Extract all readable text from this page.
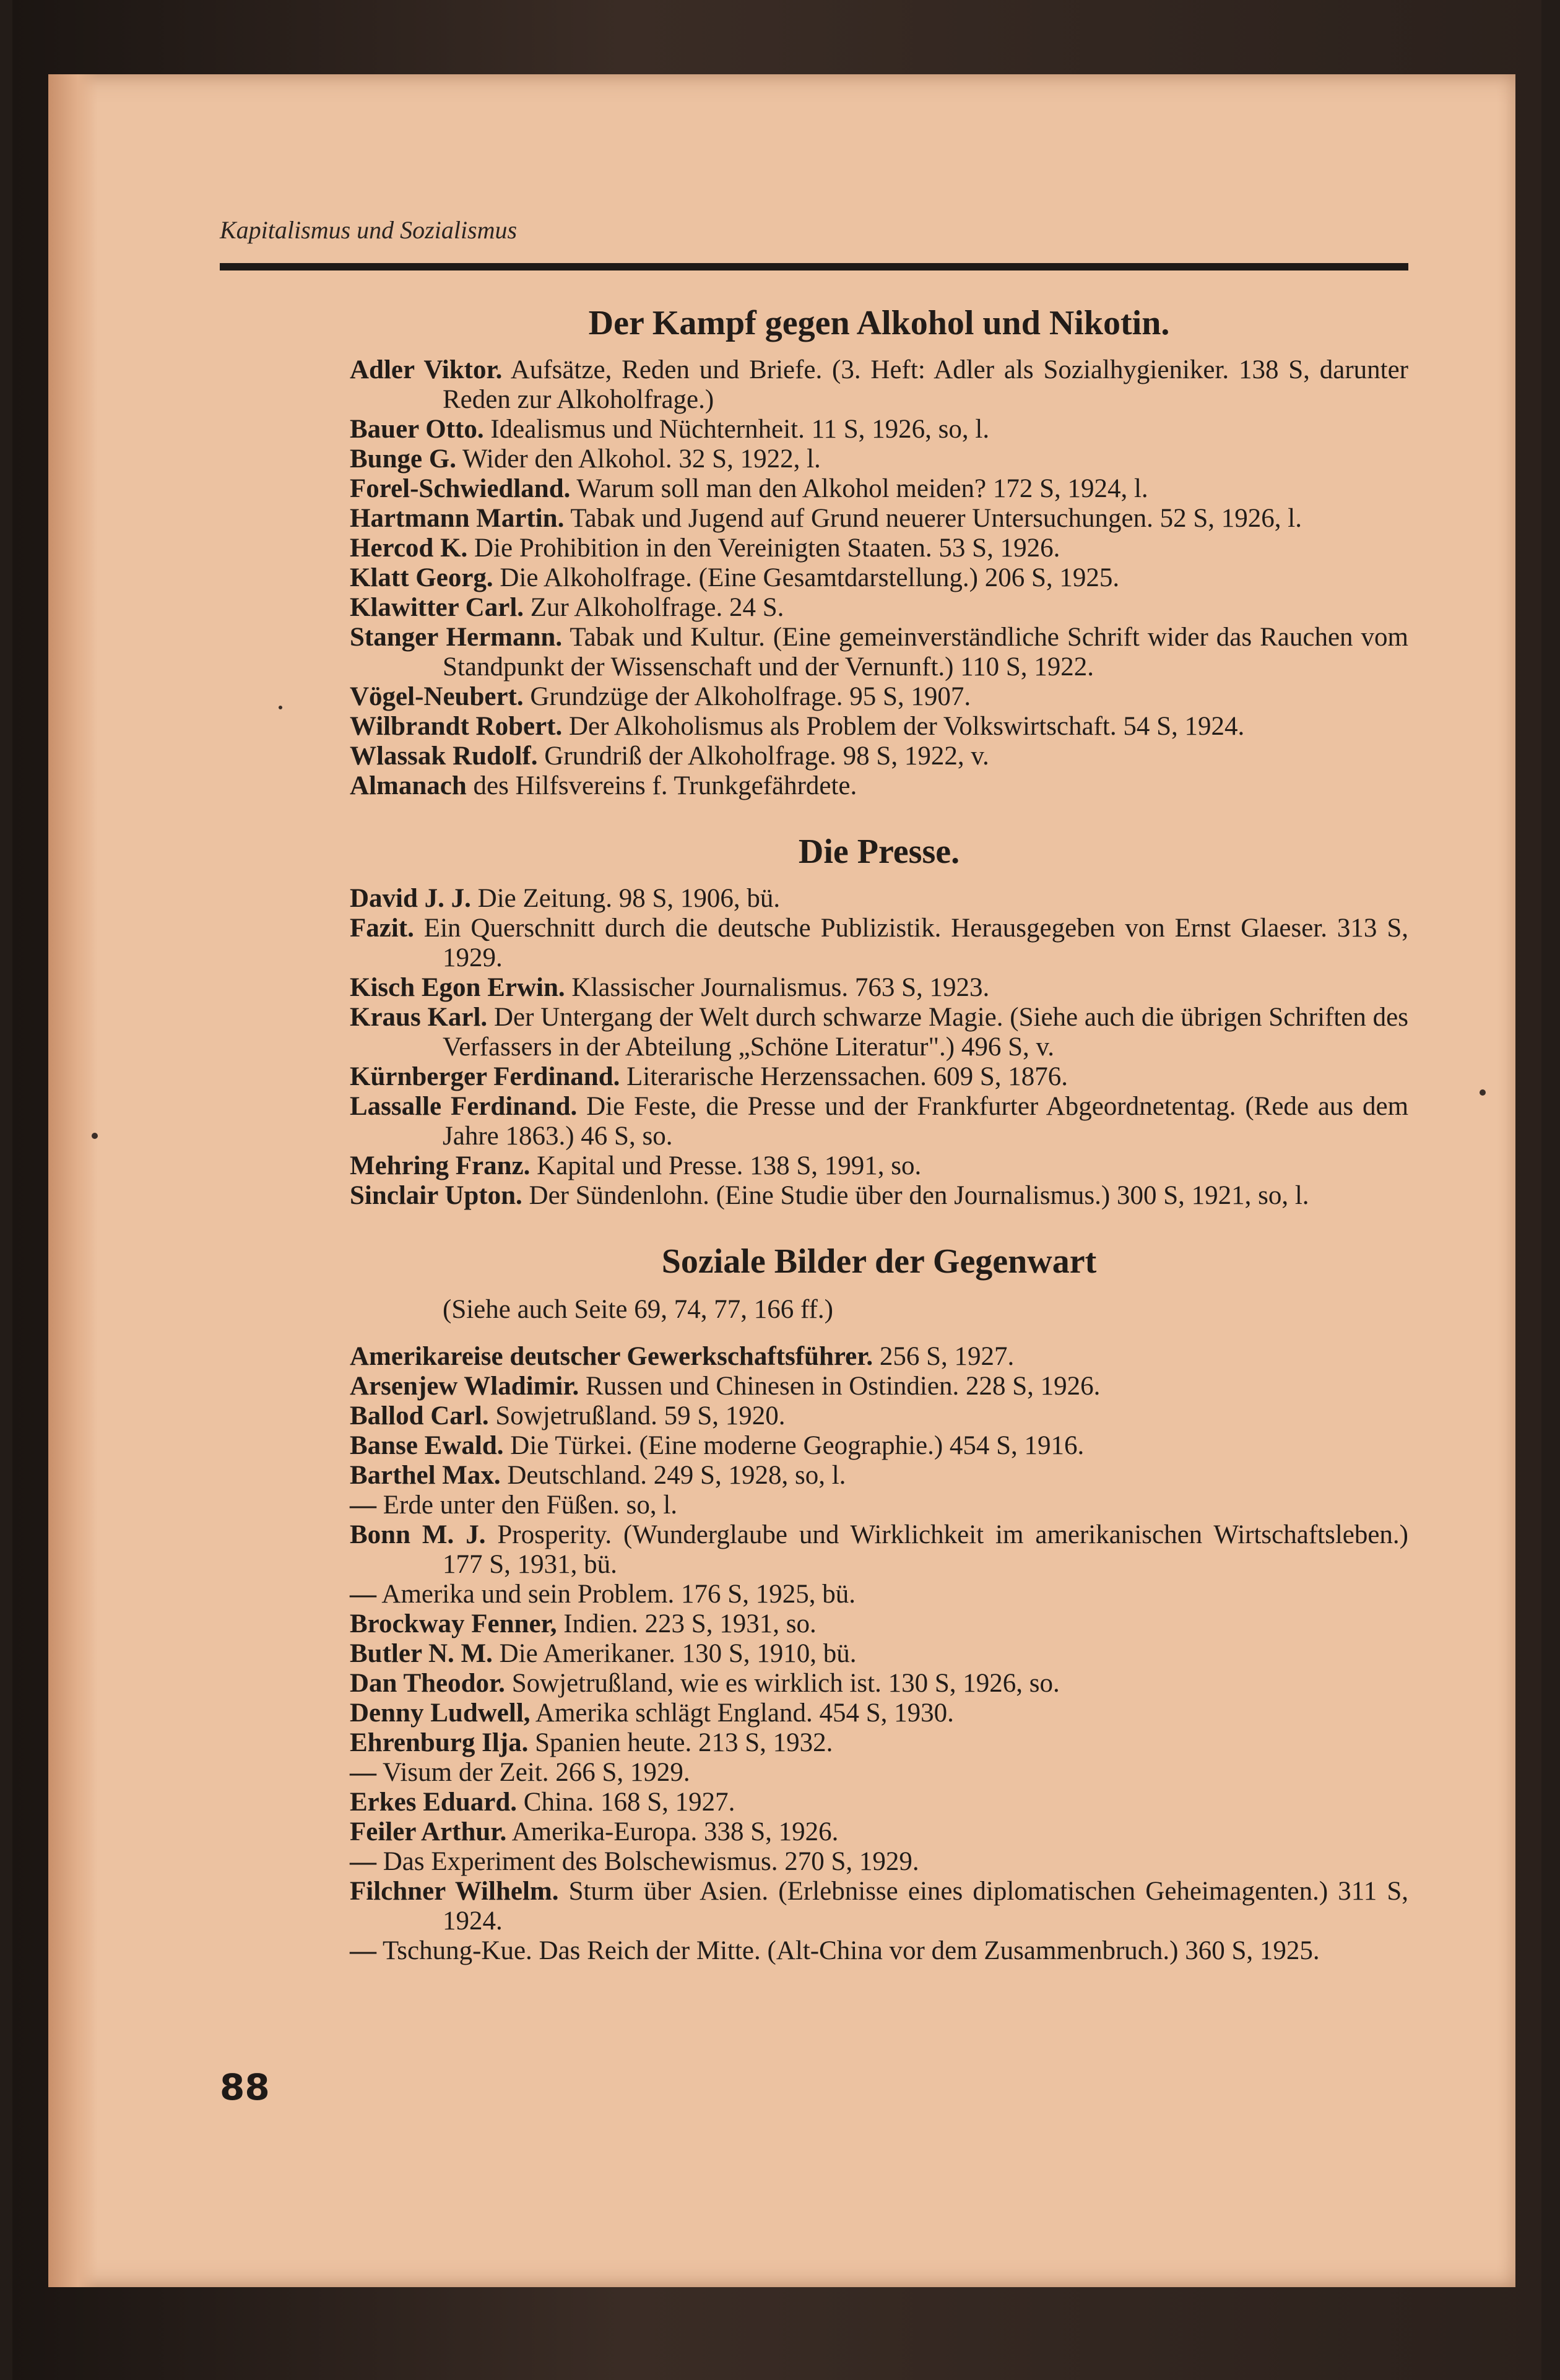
Kapitalismus und Sozialismus
Der Kampf gegen Alkohol und Nikotin.

Adler Viktor. Aufsätze, Reden und Briefe. (3. Heft: Adler als Sozialhygieniker. 138 S, darunter Reden zur Alkoholfrage.)

Bauer Otto. Idealismus und Nüchternheit. 11 S, 1926, so, l.

Bunge G. Wider den Alkohol. 32 S, 1922, l.

Forel-Schwiedland. Warum soll man den Alkohol meiden? 172 S, 1924, l.

Hartmann Martin. Tabak und Jugend auf Grund neuerer Untersuchungen. 52 S, 1926, l.

Hercod K. Die Prohibition in den Vereinigten Staaten. 53 S, 1926.

Klatt Georg. Die Alkoholfrage. (Eine Gesamtdarstellung.) 206 S, 1925.

Klawitter Carl. Zur Alkoholfrage. 24 S.

Stanger Hermann. Tabak und Kultur. (Eine gemeinverständliche Schrift wider das Rauchen vom Standpunkt der Wissenschaft und der Vernunft.) 110 S, 1922.

Vögel-Neubert. Grundzüge der Alkoholfrage. 95 S, 1907.

Wilbrandt Robert. Der Alkoholismus als Problem der Volkswirtschaft. 54 S, 1924.

Wlassak Rudolf. Grundriß der Alkoholfrage. 98 S, 1922, v.

Almanach des Hilfsvereins f. Trunkgefährdete.

Die Presse.

David J. J. Die Zeitung. 98 S, 1906, bü.

Fazit. Ein Querschnitt durch die deutsche Publizistik. Herausgegeben von Ernst Glaeser. 313 S, 1929.

Kisch Egon Erwin. Klassischer Journalismus. 763 S, 1923.

Kraus Karl. Der Untergang der Welt durch schwarze Magie. (Siehe auch die übrigen Schriften des Verfassers in der Abteilung „Schöne Literatur".) 496 S, v.

Kürnberger Ferdinand. Literarische Herzenssachen. 609 S, 1876.

Lassalle Ferdinand. Die Feste, die Presse und der Frankfurter Abgeordnetentag. (Rede aus dem Jahre 1863.) 46 S, so.

Mehring Franz. Kapital und Presse. 138 S, 1991, so.

Sinclair Upton. Der Sündenlohn. (Eine Studie über den Journalismus.) 300 S, 1921, so, l.

Soziale Bilder der Gegenwart
(Siehe auch Seite 69, 74, 77, 166 ff.)

Amerikareise deutscher Gewerkschaftsführer. 256 S, 1927.

Arsenjew Wladimir. Russen und Chinesen in Ostindien. 228 S, 1926.

Ballod Carl. Sowjetrußland. 59 S, 1920.

Banse Ewald. Die Türkei. (Eine moderne Geographie.) 454 S, 1916.

Barthel Max. Deutschland. 249 S, 1928, so, l.

— Erde unter den Füßen. so, l.

Bonn M. J. Prosperity. (Wunderglaube und Wirklichkeit im amerikanischen Wirtschaftsleben.) 177 S, 1931, bü.

— Amerika und sein Problem. 176 S, 1925, bü.

Brockway Fenner, Indien. 223 S, 1931, so.

Butler N. M. Die Amerikaner. 130 S, 1910, bü.

Dan Theodor. Sowjetrußland, wie es wirklich ist. 130 S, 1926, so.

Denny Ludwell, Amerika schlägt England. 454 S, 1930.

Ehrenburg Ilja. Spanien heute. 213 S, 1932.

— Visum der Zeit. 266 S, 1929.

Erkes Eduard. China. 168 S, 1927.

Feiler Arthur. Amerika-Europa. 338 S, 1926.

— Das Experiment des Bolschewismus. 270 S, 1929.

Filchner Wilhelm. Sturm über Asien. (Erlebnisse eines diplomatischen Geheimagenten.) 311 S, 1924.

— Tschung-Kue. Das Reich der Mitte. (Alt-China vor dem Zusammenbruch.) 360 S, 1925.

88
